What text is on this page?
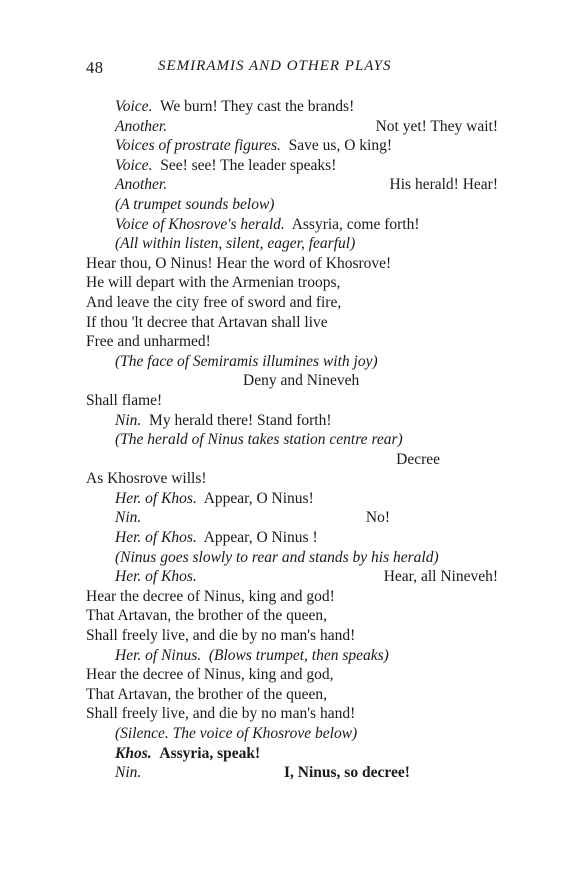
48	SEMIRAMIS AND OTHER PLAYS
Voice. We burn! They cast the brands!
Another.	Not yet! They wait!
Voices of prostrate figures. Save us, O king!
Voice. See! see! The leader speaks!
Another.	His herald! Hear!
(A trumpet sounds below)
Voice of Khosrove's herald. Assyria, come forth!
(All within listen, silent, eager, fearful)
Hear thou, O Ninus! Hear the word of Khosrove!
He will depart with the Armenian troops,
And leave the city free of sword and fire,
If thou 'lt decree that Artavan shall live
Free and unharmed!
(The face of Semiramis illumines with joy)
Deny and Nineveh
Shall flame!
Nin. My herald there! Stand forth!
(The herald of Ninus takes station centre rear)
Decree
As Khosrove wills!
Her. of Khos. Appear, O Ninus!
Nin.	No!
Her. of Khos. Appear, O Ninus !
(Ninus goes slowly to rear and stands by his herald)
Her. of Khos.	Hear, all Nineveh!
Hear the decree of Ninus, king and god!
That Artavan, the brother of the queen,
Shall freely live, and die by no man's hand!
Her. of Ninus. (Blows trumpet, then speaks)
Hear the decree of Ninus, king and god,
That Artavan, the brother of the queen,
Shall freely live, and die by no man's hand!
(Silence. The voice of Khosrove below)
Khos. Assyria, speak!
Nin.	I, Ninus, so decree!
